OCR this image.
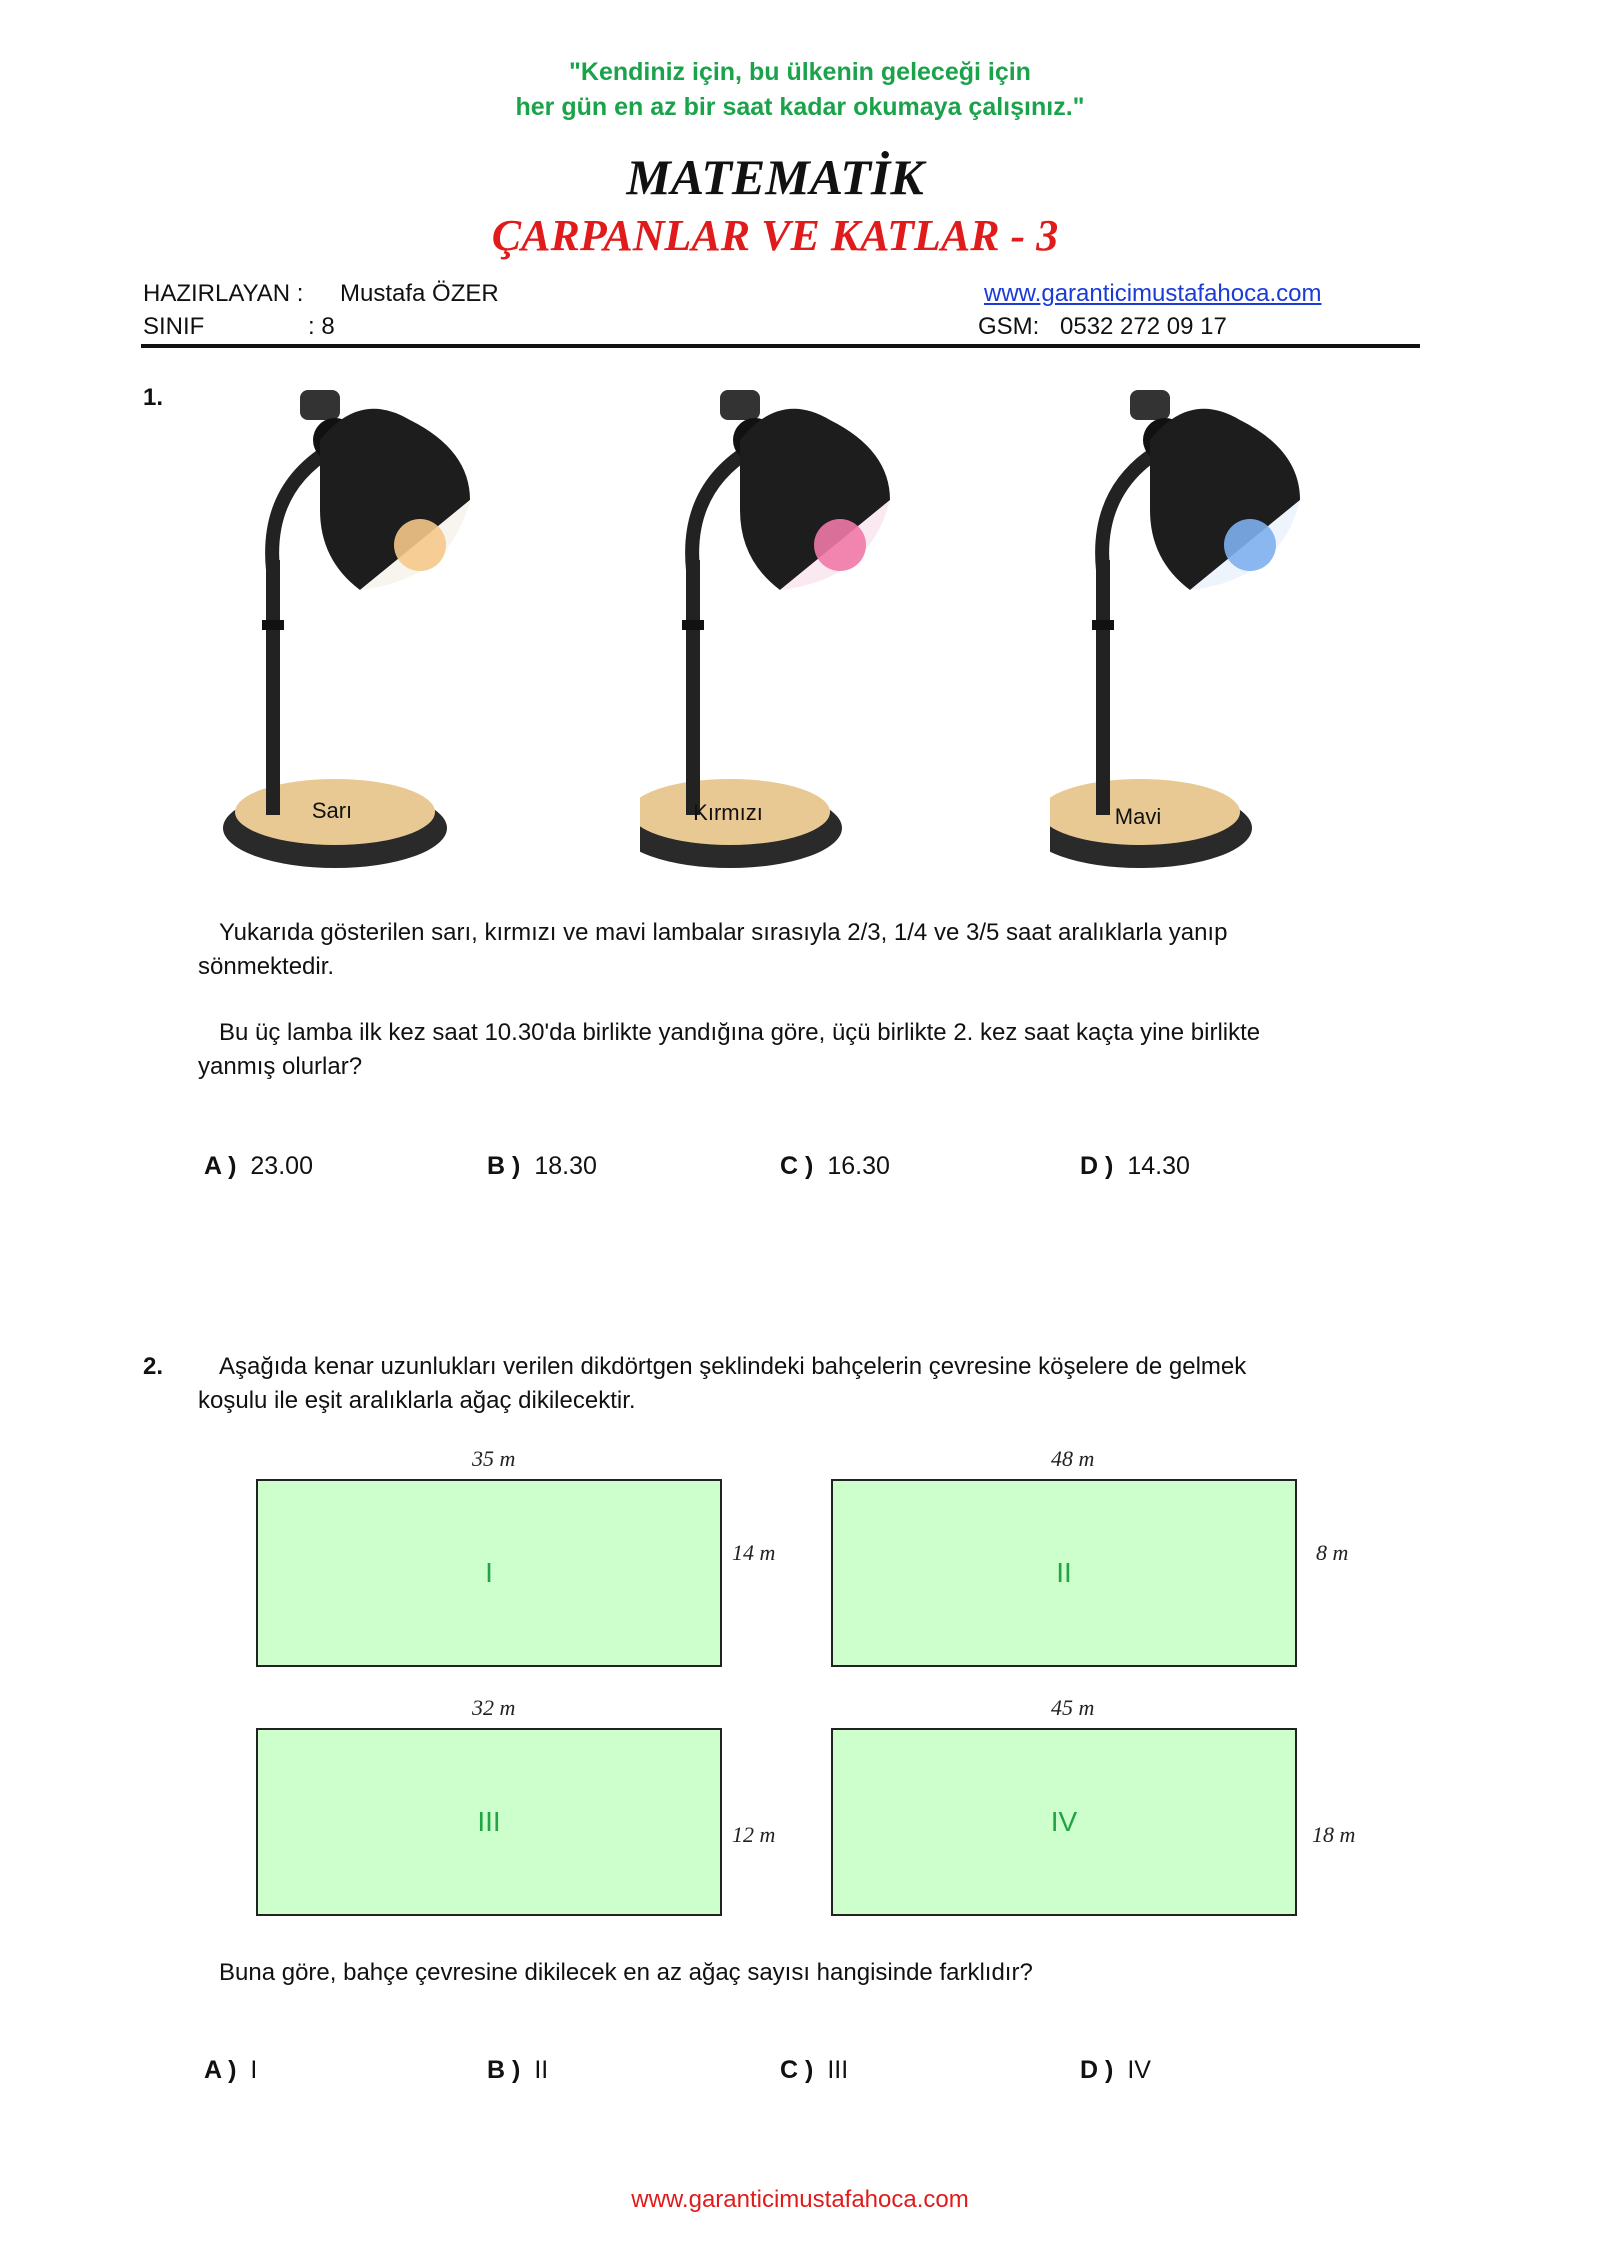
"Kendiniz için, bu ülkenin geleceği için
her gün en az bir saat kadar okumaya çalışınız."
MATEMATİK
ÇARPANLAR VE KATLAR - 3
HAZIRLAYAN : Mustafa ÖZER
SINIF	: 8
www.garanticimustafahoca.com
GSM: 0532 272 09 17
1.
Sarı	Kırmızı	Mavi
Yukarıda gösterilen sarı, kırmızı ve mavi lambalar sırasıyla 2/3, 1/4 ve 3/5 saat aralıklarla yanıp
sönmektedir.
Bu üç lamba ilk kez saat 10.30'da birlikte yandığına göre, üçü birlikte 2. kez saat kaçta yine birlikte
yanmış olurlar?
A ) 23.00	B ) 18.30	C ) 16.30	D ) 14.30
2. Aşağıda kenar uzunlukları verilen dikdörtgen şeklindeki bahçelerin çevresine köşelere de gelmek
koşulu ile eşit aralıklarla ağaç dikilecektir.
35 m
I
14 m
48 m
II
8 m
32 m
III	12 m
45 m
IV	18 m
Buna göre, bahçe çevresine dikilecek en az ağaç sayısı hangisinde farklıdır?
A ) I	B ) II	C ) III	D ) IV
www.garanticimustafahoca.com
